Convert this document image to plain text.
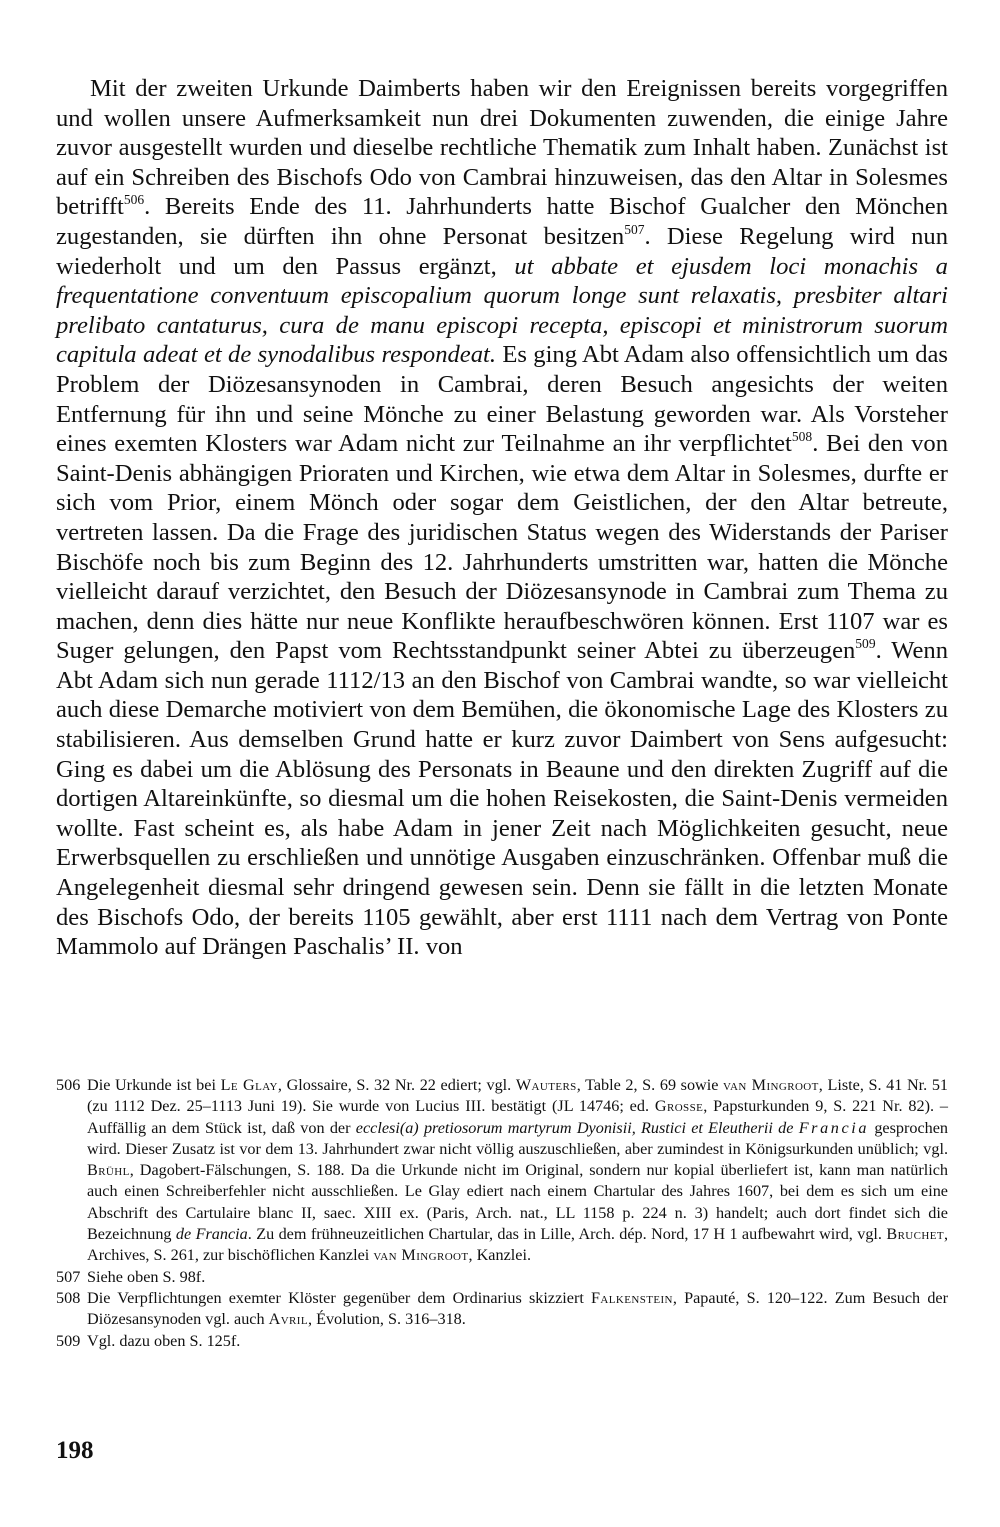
Mit der zweiten Urkunde Daimberts haben wir den Ereignissen bereits vorgegriffen und wollen unsere Aufmerksamkeit nun drei Dokumenten zuwenden, die einige Jahre zuvor ausgestellt wurden und dieselbe rechtliche Thematik zum Inhalt haben. Zunächst ist auf ein Schreiben des Bischofs Odo von Cambrai hinzuweisen, das den Altar in Solesmes betrifft$^{506}$. Bereits Ende des 11. Jahrhunderts hatte Bischof Gualcher den Mönchen zugestanden, sie dürften ihn ohne Personat besitzen$^{507}$. Diese Regelung wird nun wiederholt und um den Passus ergänzt, ut abbate et ejusdem loci monachis a frequentatione conventuum episcopalium quorum longe sunt relaxatis, presbiter altari prelibato cantaturus, cura de manu episcopi recepta, episcopi et ministrorum suorum capitula adeat et de synodalibus respondeat. Es ging Abt Adam also offensichtlich um das Problem der Diözesansynoden in Cambrai, deren Besuch angesichts der weiten Entfernung für ihn und seine Mönche zu einer Belastung geworden war. Als Vorsteher eines exemten Klosters war Adam nicht zur Teilnahme an ihr verpflichtet$^{508}$. Bei den von Saint-Denis abhängigen Prioraten und Kirchen, wie etwa dem Altar in Solesmes, durfte er sich vom Prior, einem Mönch oder sogar dem Geistlichen, der den Altar betreute, vertreten lassen. Da die Frage des juridischen Status wegen des Widerstands der Pariser Bischöfe noch bis zum Beginn des 12. Jahrhunderts umstritten war, hatten die Mönche vielleicht darauf verzichtet, den Besuch der Diözesansynode in Cambrai zum Thema zu machen, denn dies hätte nur neue Konflikte heraufbeschwören können. Erst 1107 war es Suger gelungen, den Papst vom Rechtsstandpunkt seiner Abtei zu überzeugen$^{509}$. Wenn Abt Adam sich nun gerade 1112/13 an den Bischof von Cambrai wandte, so war vielleicht auch diese Demarche motiviert von dem Bemühen, die ökonomische Lage des Klosters zu stabilisieren. Aus demselben Grund hatte er kurz zuvor Daimbert von Sens aufgesucht: Ging es dabei um die Ablösung des Personats in Beaune und den direkten Zugriff auf die dortigen Altareinkünfte, so diesmal um die hohen Reisekosten, die Saint-Denis vermeiden wollte. Fast scheint es, als habe Adam in jener Zeit nach Möglichkeiten gesucht, neue Erwerbsquellen zu erschließen und unnötige Ausgaben einzuschränken. Offenbar muß die Angelegenheit diesmal sehr dringend gewesen sein. Denn sie fällt in die letzten Monate des Bischofs Odo, der bereits 1105 gewählt, aber erst 1111 nach dem Vertrag von Ponte Mammolo auf Drängen Paschalis’ II. von

506 Die Urkunde ist bei Le Glay, Glossaire, S. 32 Nr. 22 ediert; vgl. Wauters, Table 2, S. 69 sowie van Mingroot, Liste, S. 41 Nr. 51 (zu 1112 Dez. 25–1113 Juni 19). Sie wurde von Lucius III. bestätigt (JL 14746; ed. Grosse, Papsturkunden 9, S. 221 Nr. 82). – Auffällig an dem Stück ist, daß von der ecclesi(a) pretiosorum martyrum Dyonisii, Rustici et Eleutherii de Francia gesprochen wird. Dieser Zusatz ist vor dem 13. Jahrhundert zwar nicht völlig auszuschließen, aber zumindest in Königsurkunden unüblich; vgl. Brühl, Dagobert-Fälschungen, S. 188. Da die Urkunde nicht im Original, sondern nur kopial überliefert ist, kann man natürlich auch einen Schreiberfehler nicht ausschließen. Le Glay ediert nach einem Chartular des Jahres 1607, bei dem es sich um eine Abschrift des Cartulaire blanc II, saec. XIII ex. (Paris, Arch. nat., LL 1158 p. 224 n. 3) handelt; auch dort findet sich die Bezeichnung de Francia. Zu dem frühneuzeitlichen Chartular, das in Lille, Arch. dép. Nord, 17 H 1 aufbewahrt wird, vgl. Bruchet, Archives, S. 261, zur bischöflichen Kanzlei van Mingroot, Kanzlei.

507 Siehe oben S. 98f.

508 Die Verpflichtungen exemter Klöster gegenüber dem Ordinarius skizziert Falkenstein, Papauté, S. 120–122. Zum Besuch der Diözesansynoden vgl. auch Avril, Évolution, S. 316–318.

509 Vgl. dazu oben S. 125f.

198
